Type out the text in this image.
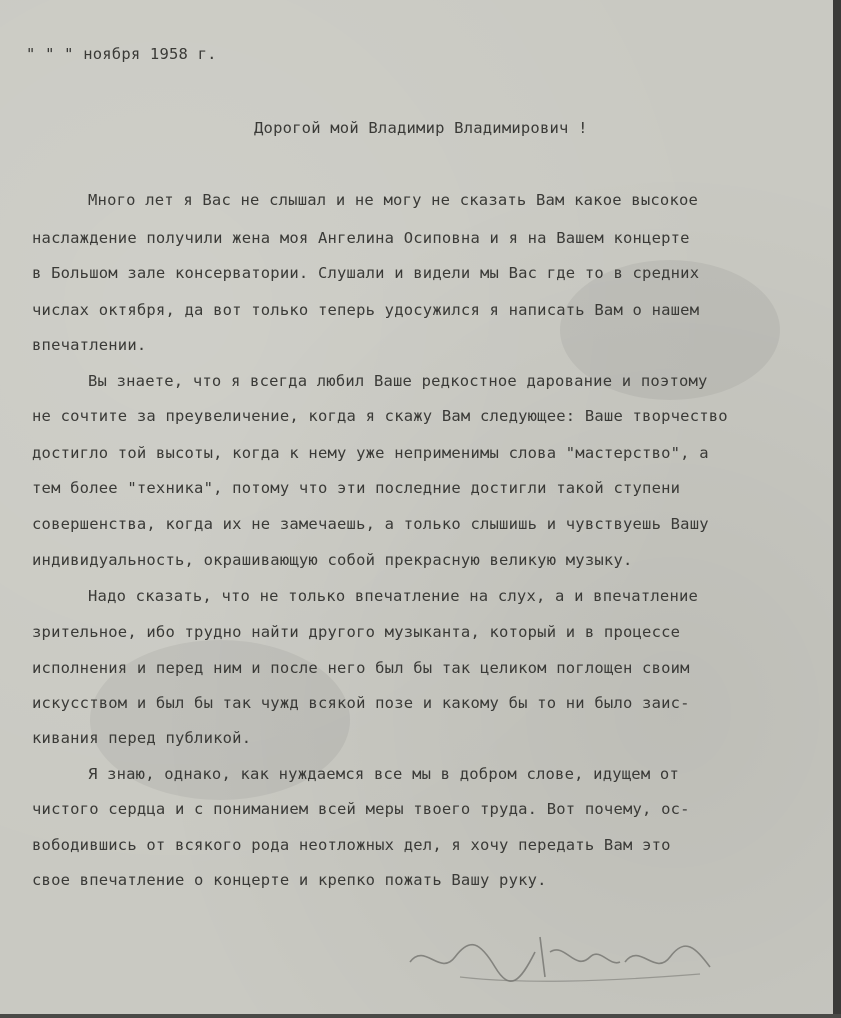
" " " ноября 1958 г.
Дорогой мой Владимир Владимирович !
Много лет я Вас не слышал и не могу не сказать Вам какое высокое
наслаждение получили жена моя Ангелина Осиповна и я на Вашем концерте
в Большом зале консерватории. Слушали и видели мы Вас где то в средних
числах октября, да вот только теперь удосужился я написать Вам о нашем
впечатлении.
Вы знаете, что я всегда любил Ваше редкостное дарование и поэтому
не сочтите за преувеличение, когда я скажу Вам следующее: Ваше творчество
достигло той высоты, когда к нему уже неприменимы слова "мастерство", а
тем более "техника", потому что эти последние достигли такой ступени
совершенства, когда их не замечаешь, а только слышишь и чувствуешь Вашу
индивидуальность, окрашивающую собой прекрасную великую музыку.
Надо сказать, что не только впечатление на слух, а и впечатление
зрительное, ибо трудно найти другого музыканта, который и в процессе
исполнения и перед ним и после него был бы так целиком поглощен своим
искусством и был бы так чужд всякой позе и какому бы то ни было заис-
кивания перед публикой.
Я знаю, однако, как нуждаемся все мы в добром слове, идущем от
чистого сердца и с пониманием всей меры твоего труда. Вот почему, ос-
вободившись от всякого рода неотложных дел, я хочу передать Вам это
свое впечатление о концерте и крепко пожать Вашу руку.
